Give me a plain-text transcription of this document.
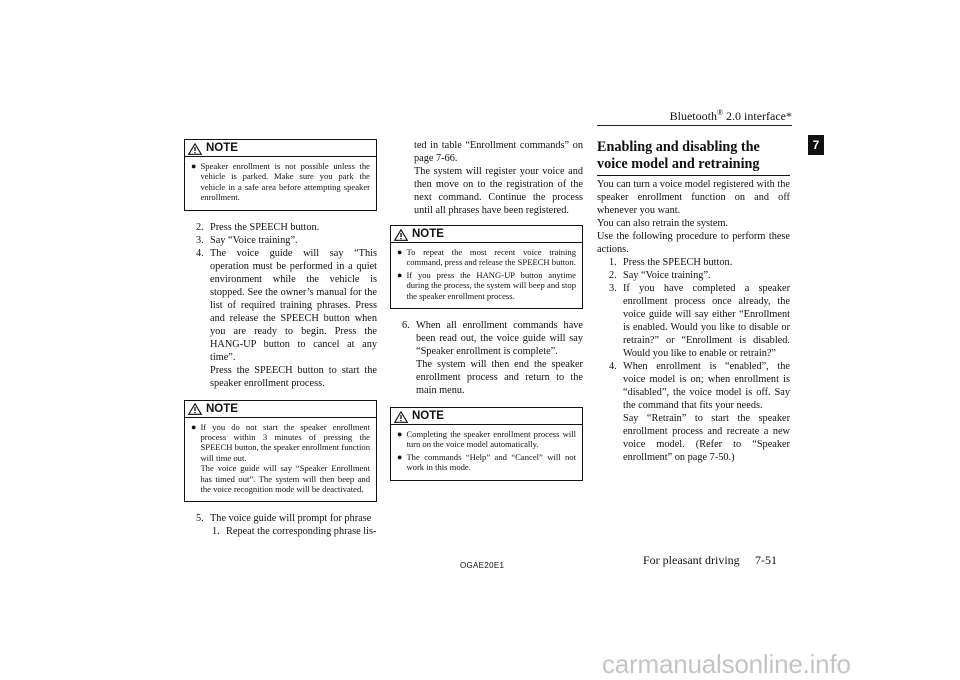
Bluetooth® 2.0 interface*
7
NOTE
● Speaker enrollment is not possible unless the vehicle is parked. Make sure you park the vehicle in a safe area before attempting speaker enrollment.
2. Press the SPEECH button.
3. Say “Voice training”.
4. The voice guide will say “This operation must be performed in a quiet environment while the vehicle is stopped. See the owner’s manual for the list of required training phrases. Press and release the SPEECH button when you are ready to begin. Press the HANG-UP button to cancel at any time”.
Press the SPEECH button to start the speaker enrollment process.
NOTE
● If you do not start the speaker enrollment process within 3 minutes of pressing the SPEECH button, the speaker enrollment function will time out.
The voice guide will say “Speaker Enrollment has timed out”. The system will then beep and the voice recognition mode will be deactivated.
5. The voice guide will prompt for phrase
1. Repeat the corresponding phrase lis-
ted in table “Enrollment commands” on page 7-66.
The system will register your voice and then move on to the registration of the next command. Continue the process until all phrases have been registered.
NOTE
● To repeat the most recent voice training command, press and release the SPEECH button.
● If you press the HANG-UP button anytime during the process, the system will beep and stop the speaker enrollment process.
6. When all enrollment commands have been read out, the voice guide will say “Speaker enrollment is complete”.
The system will then end the speaker enrollment process and return to the main menu.
NOTE
● Completing the speaker enrollment process will turn on the voice model automatically.
● The commands “Help” and “Cancel” will not work in this mode.
Enabling and disabling the voice model and retraining
You can turn a voice model registered with the speaker enrollment function on and off whenever you want.
You can also retrain the system.
Use the following procedure to perform these actions.
1. Press the SPEECH button.
2. Say “Voice training”.
3. If you have completed a speaker enrollment process once already, the voice guide will say either “Enrollment is enabled. Would you like to disable or retrain?” or “Enrollment is disabled. Would you like to enable or retrain?”
4. When enrollment is “enabled”, the voice model is on; when enrollment is “disabled”, the voice model is off. Say the command that fits your needs.
Say “Retrain” to start the speaker enrollment process and recreate a new voice model. (Refer to “Speaker enrollment” on page 7-50.)
OGAE20E1	For pleasant driving 7-51
carmanualsonline.info
